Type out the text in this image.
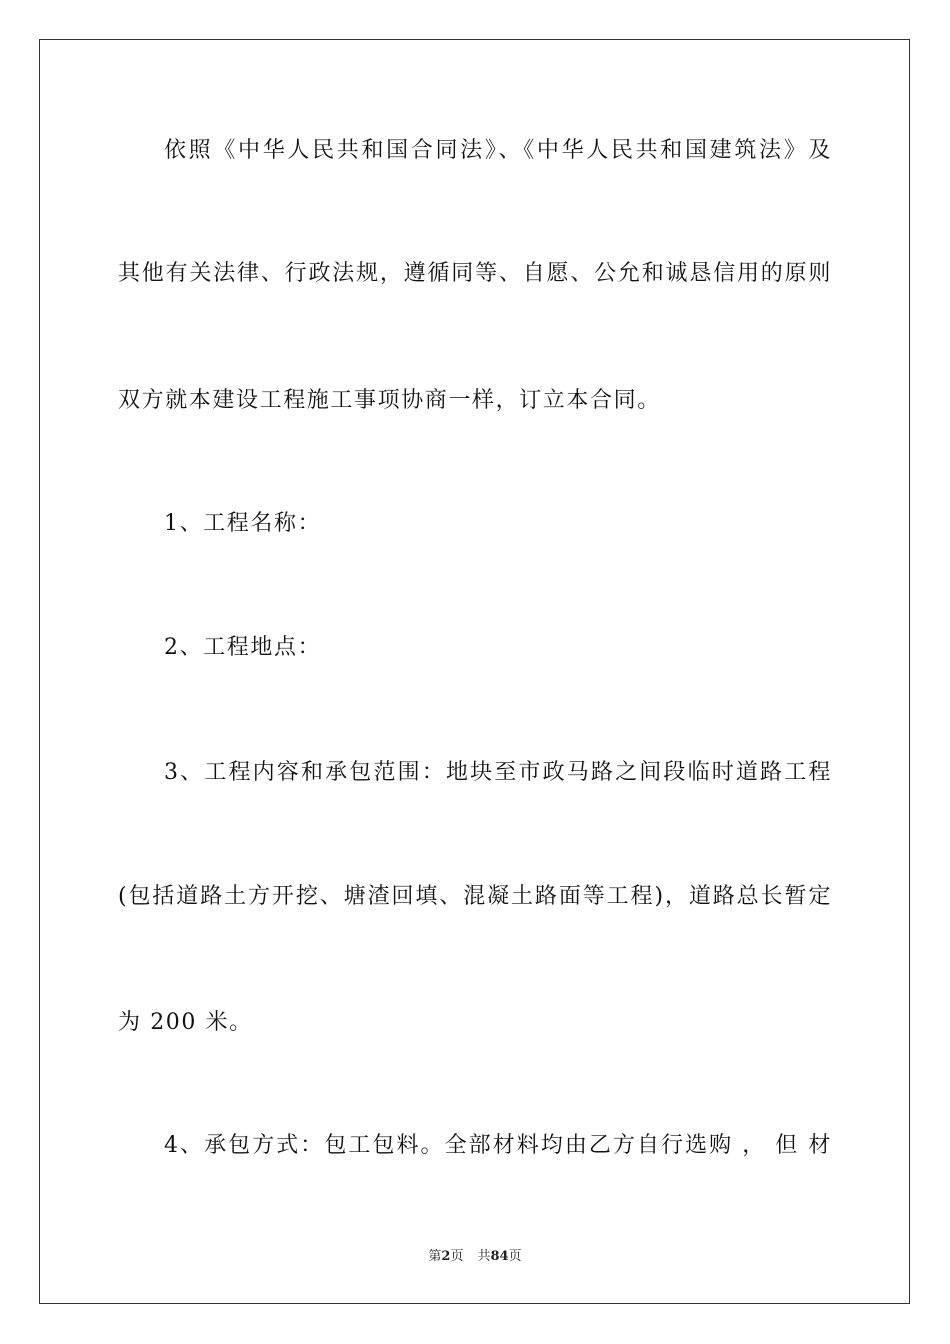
依照《中华人民共和国合同法》、《中华人民共和国建筑法》及
其他有关法律、行政法规，遵循同等、自愿、公允和诚恳信用的原则
双方就本建设工程施工事项协商一样，订立本合同。
1、工程名称：
2、工程地点：
3、工程内容和承包范围：地块至市政马路之间段临时道路工程
(包括道路土方开挖、塘渣回填、混凝土路面等工程)，道路总长暂定
为 200 米。
4、承包方式：包工包料。全部材料均由乙方自行选购 ， 但 材
第2页 共84页
